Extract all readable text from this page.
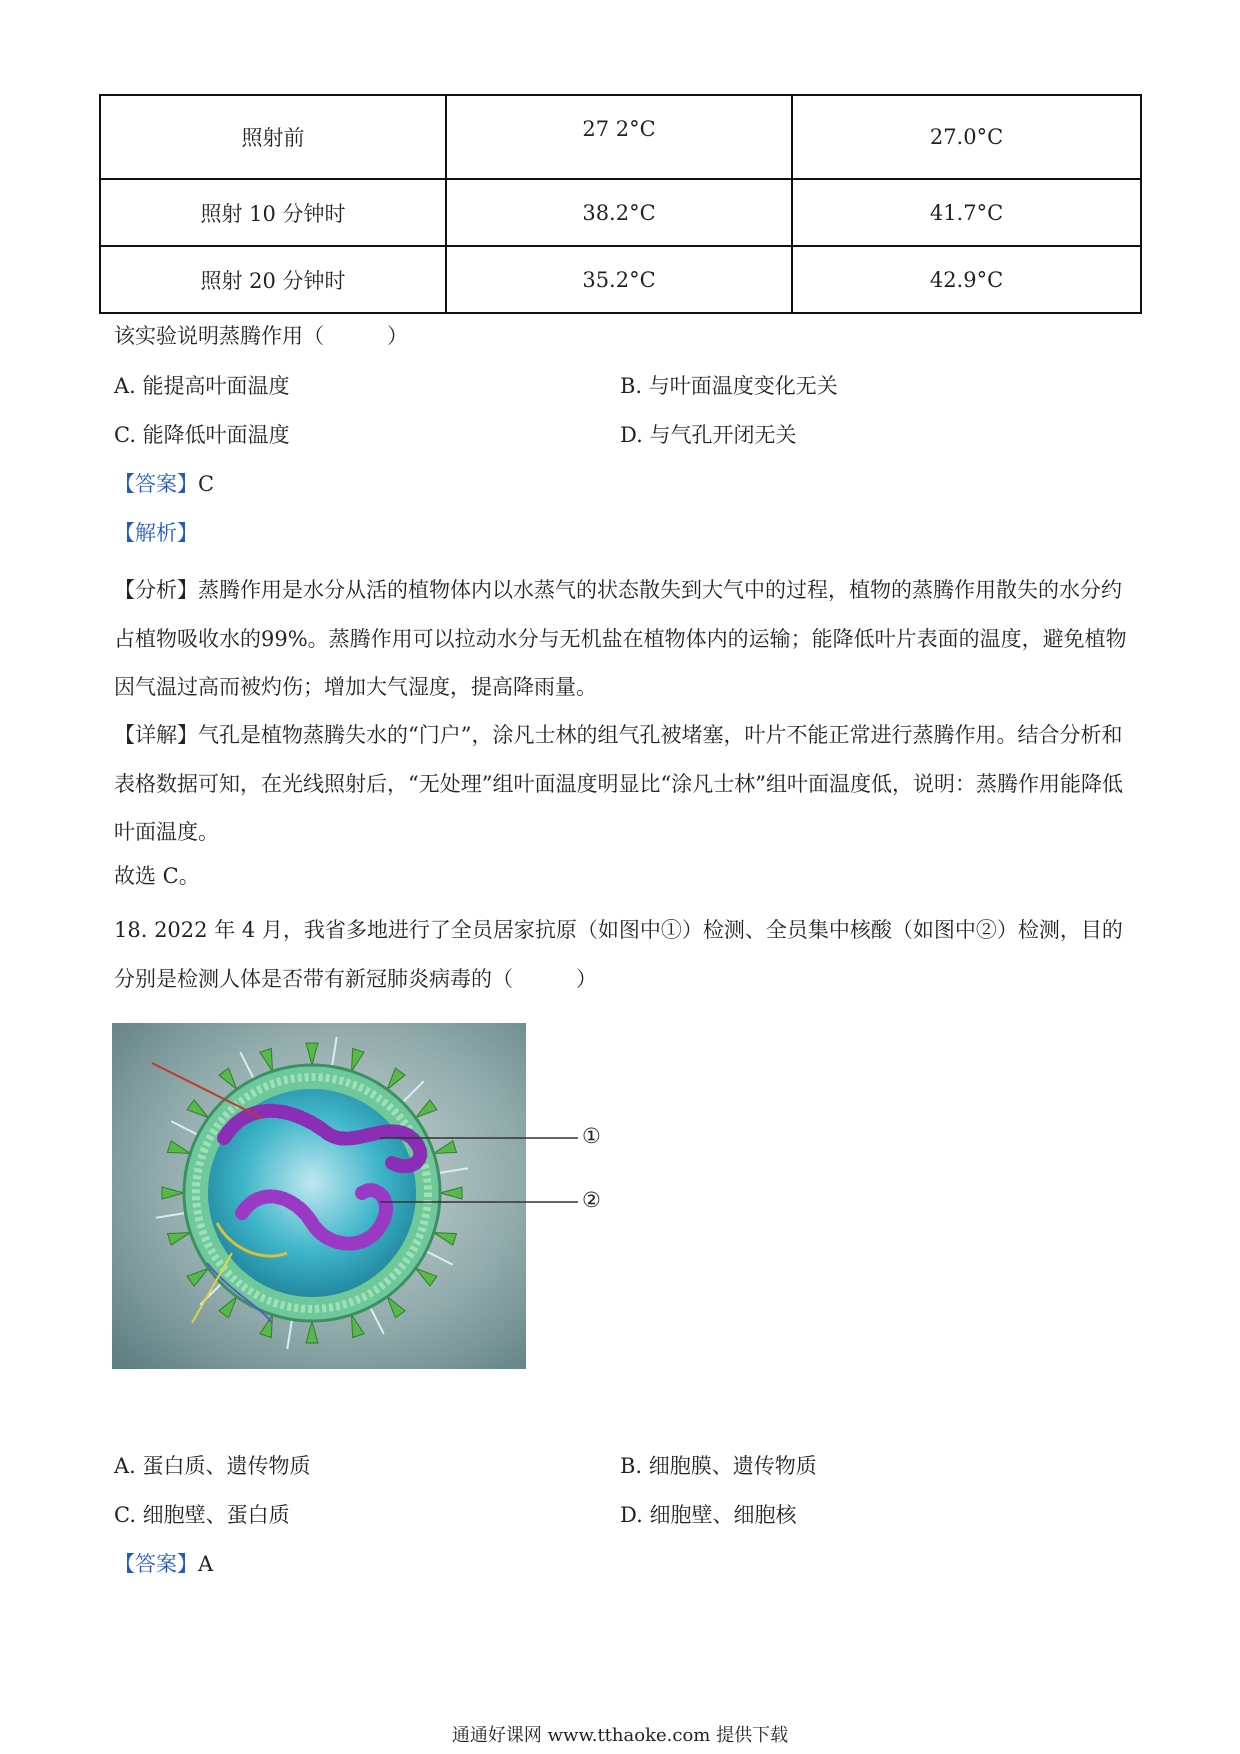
照射前	27 2°C	27.0°C
照射 10 分钟时	38.2°C	41.7°C
照射 20 分钟时	35.2°C	42.9°C
该实验说明蒸腾作用（　　　）
A. 能提高叶面温度	B. 与叶面温度变化无关
C. 能降低叶面温度	D. 与气孔开闭无关
【答案】C
【解析】

【分析】蒸腾作用是水分从活的植物体内以水蒸气的状态散失到大气中的过程，植物的蒸腾作用散失的水分约占植物吸收水的99%。蒸腾作用可以拉动水分与无机盐在植物体内的运输；能降低叶片表面的温度，避免植物因气温过高而被灼伤；增加大气湿度，提高降雨量。

【详解】气孔是植物蒸腾失水的“门户”，涂凡士林的组气孔被堵塞，叶片不能正常进行蒸腾作用。结合分析和表格数据可知，在光线照射后，“无处理”组叶面温度明显比“涂凡士林”组叶面温度低，说明：蒸腾作用能降低叶面温度。

故选 C。

18. 2022 年 4 月，我省多地进行了全员居家抗原（如图中①）检测、全员集中核酸（如图中②）检测，目的分别是检测人体是否带有新冠肺炎病毒的（　　　）

①
②
A. 蛋白质、遗传物质	B. 细胞膜、遗传物质
C. 细胞壁、蛋白质	D. 细胞壁、细胞核
【答案】A
通通好课网 www.tthaoke.com 提供下载
